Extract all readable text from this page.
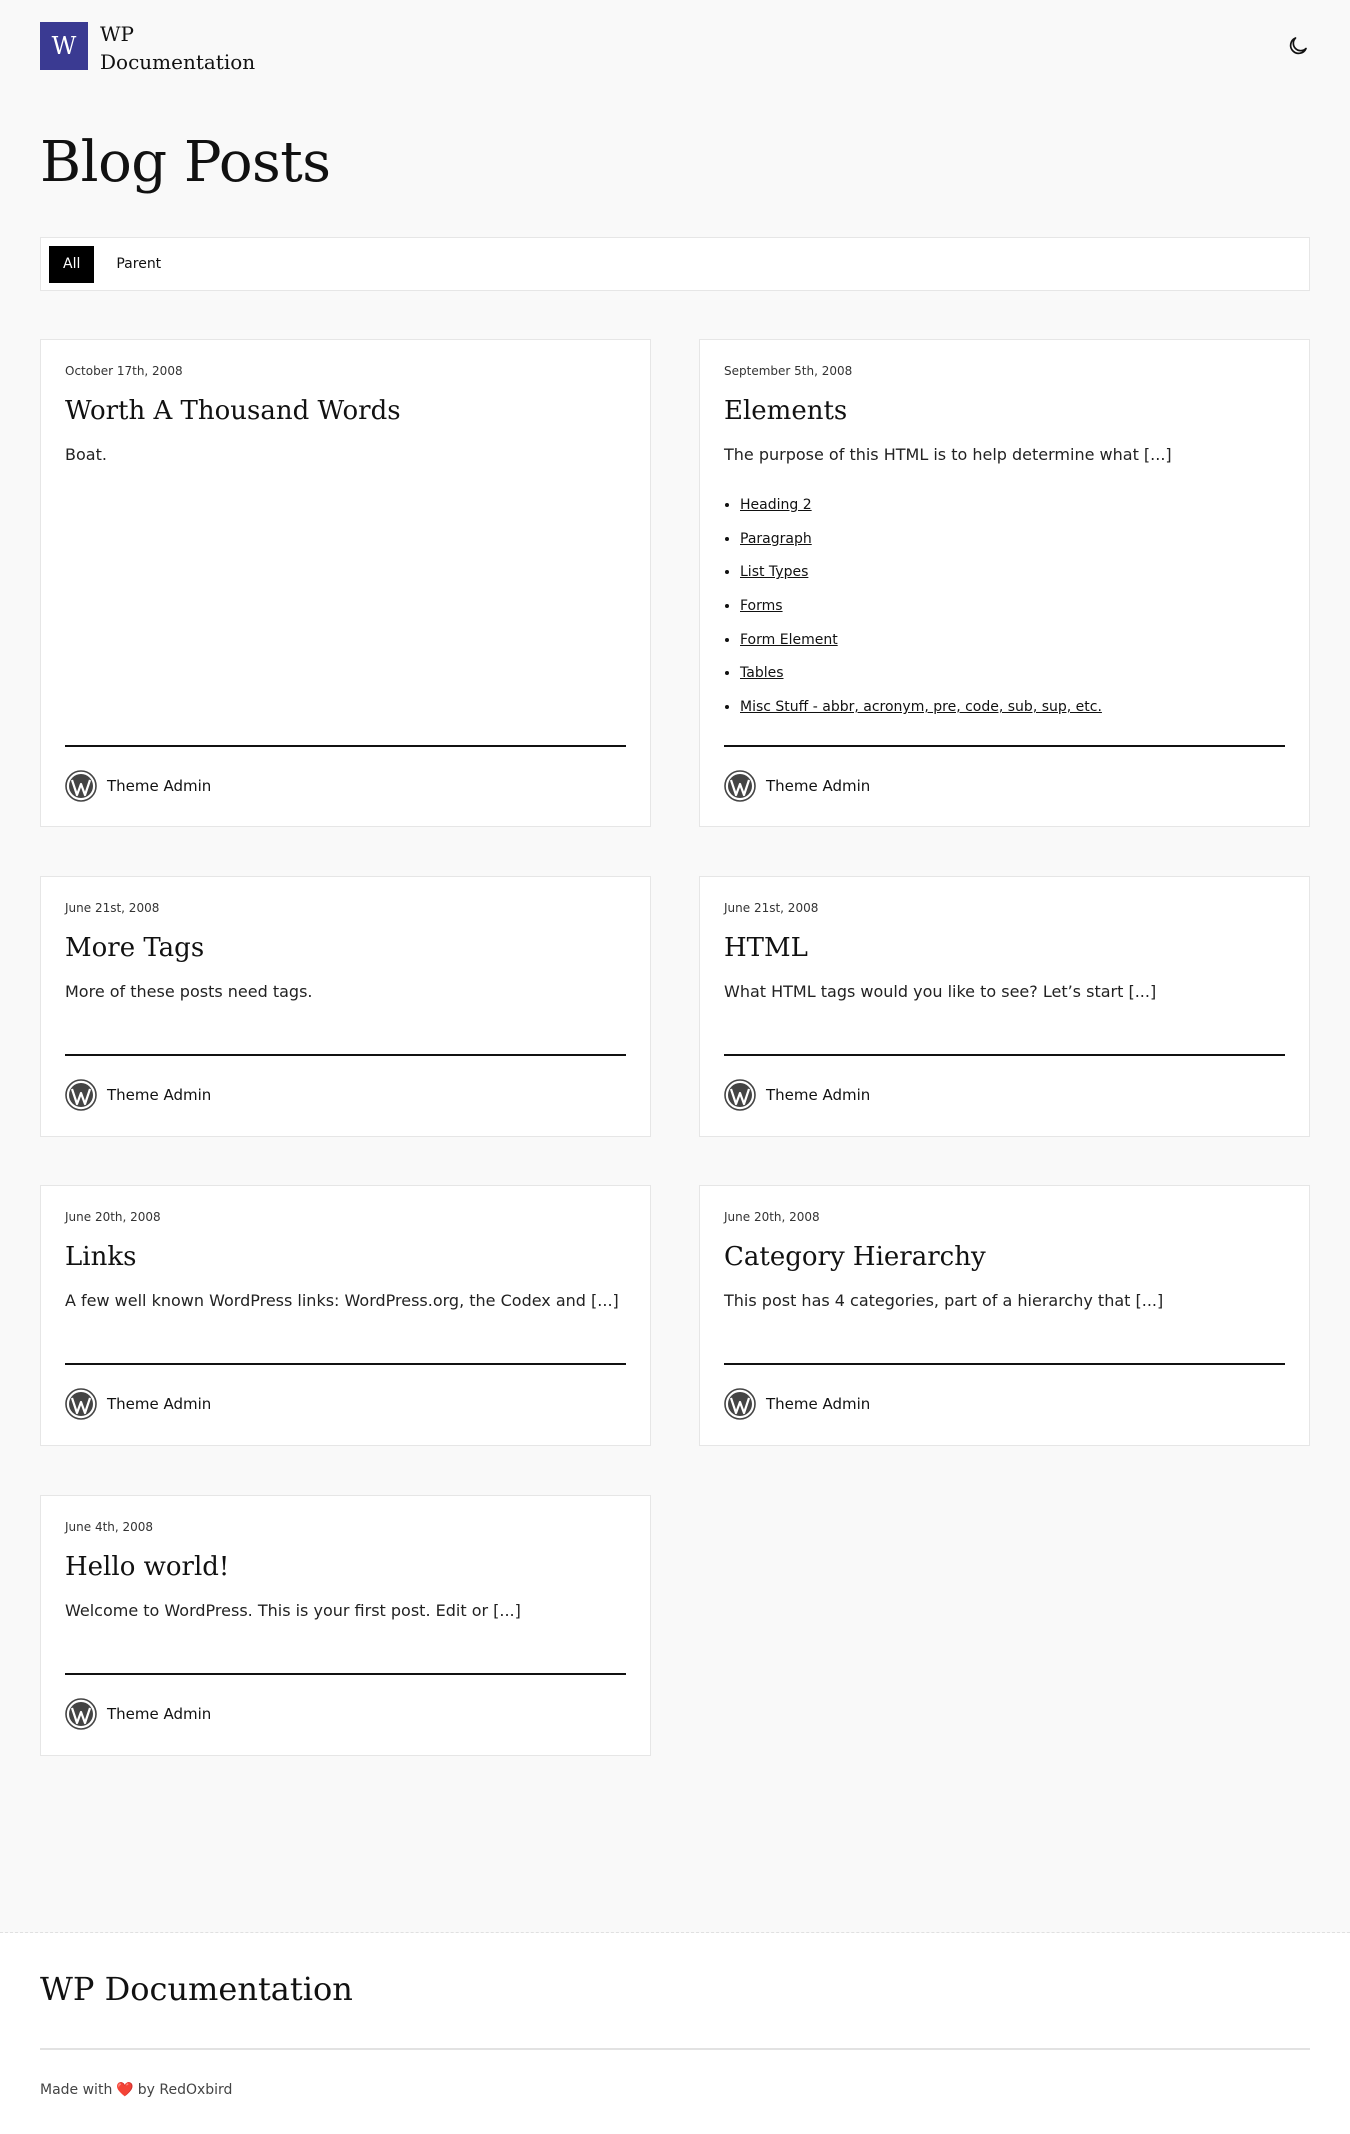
W	WP Documentation
Blog Posts
All	Parent
October 17th, 2008
Worth A Thousand Words

Boat.

Theme Admin
September 5th, 2008
Elements

The purpose of this HTML is to help determine what [...]

• Heading 2
• Paragraph
• List Types
• Forms
• Form Element
• Tables
• Misc Stuff - abbr, acronym, pre, code, sub, sup, etc.
Theme Admin
June 21st, 2008
More Tags

More of these posts need tags.

Theme Admin
June 21st, 2008
HTML

What HTML tags would you like to see? Let’s start [...]

Theme Admin
June 20th, 2008
Links

A few well known WordPress links: WordPress.org, the Codex and [...]

Theme Admin
June 20th, 2008
Category Hierarchy

This post has 4 categories, part of a hierarchy that [...]

Theme Admin
June 4th, 2008
Hello world!

Welcome to WordPress. This is your first post. Edit or [...]

Theme Admin
WP Documentation
Made with ❤️ by RedOxbird
